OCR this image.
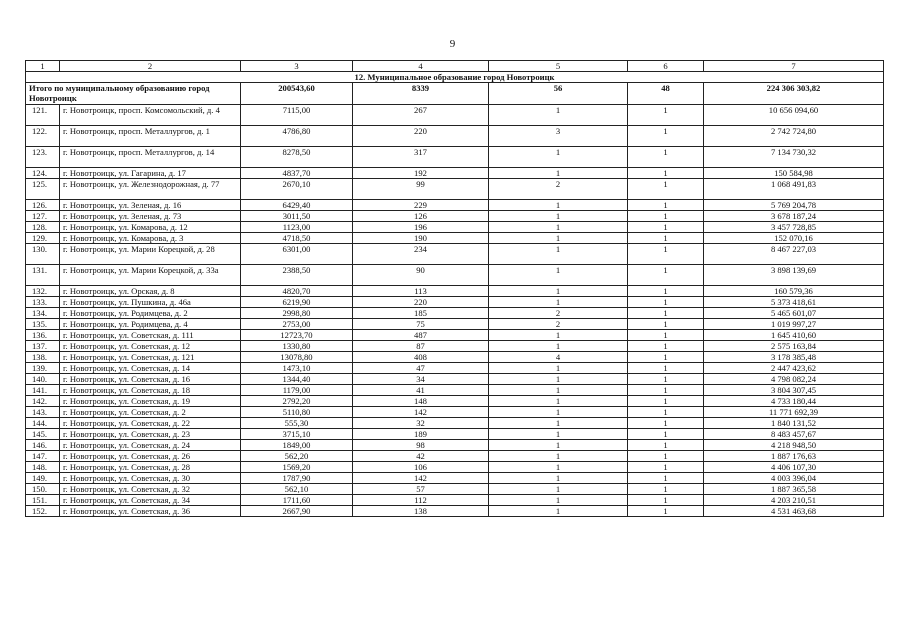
9
1	2	3	4	5	6	7
12. Муниципальное образование город Новотроицк						
Итого по муниципальному образованию город Новотроицк		200543,60	8339	56	48	224 306 303,82
121.	г. Новотроицк, просп. Комсомольский, д. 4	7115,00	267	1	1	10 656 094,60
122.	г. Новотроицк, просп. Металлургов, д. 1	4786,80	220	3	1	2 742 724,80
123.	г. Новотроицк, просп. Металлургов, д. 14	8278,50	317	1	1	7 134 730,32
124.	г. Новотроицк, ул. Гагарина, д. 17	4837,70	192	1	1	150 584,98
125.	г. Новотроицк, ул. Железнодорожная, д. 77	2670,10	99	2	1	1 068 491,83
126.	г. Новотроицк, ул. Зеленая, д. 16	6429,40	229	1	1	5 769 204,78
127.	г. Новотроицк, ул. Зеленая, д. 73	3011,50	126	1	1	3 678 187,24
128.	г. Новотроицк, ул. Комарова, д. 12	1123,00	196	1	1	3 457 728,85
129.	г. Новотроицк, ул. Комарова, д. 3	4718,50	190	1	1	152 070,16
130.	г. Новотроицк, ул. Марии Корецкой, д. 28	6301,00	234	1	1	8 467 227,03
131.	г. Новотроицк, ул. Марии Корецкой, д. 33а	2388,50	90	1	1	3 898 139,69
132.	г. Новотроицк, ул. Орская, д. 8	4820,70	113	1	1	160 579,36
133.	г. Новотроицк, ул. Пушкина, д. 46а	6219,90	220	1	1	5 373 418,61
134.	г. Новотроицк, ул. Родимцева, д. 2	2998,80	185	2	1	5 465 601,07
135.	г. Новотроицк, ул. Родимцева, д. 4	2753,00	75	2	1	1 019 997,27
136.	г. Новотроицк, ул. Советская, д. 111	12723,70	487	1	1	1 645 410,60
137.	г. Новотроицк, ул. Советская, д. 12	1330,80	87	1	1	2 575 163,84
138.	г. Новотроицк, ул. Советская, д. 121	13078,80	408	4	1	3 178 385,48
139.	г. Новотроицк, ул. Советская, д. 14	1473,10	47	1	1	2 447 423,62
140.	г. Новотроицк, ул. Советская, д. 16	1344,40	34	1	1	4 798 082,24
141.	г. Новотроицк, ул. Советская, д. 18	1179,00	41	1	1	3 804 307,45
142.	г. Новотроицк, ул. Советская, д. 19	2792,20	148	1	1	4 733 180,44
143.	г. Новотроицк, ул. Советская, д. 2	5110,80	142	1	1	11 771 692,39
144.	г. Новотроицк, ул. Советская, д. 22	555,30	32	1	1	1 840 131,52
145.	г. Новотроицк, ул. Советская, д. 23	3715,10	189	1	1	8 483 457,67
146.	г. Новотроицк, ул. Советская, д. 24	1849,00	98	1	1	4 218 948,50
147.	г. Новотроицк, ул. Советская, д. 26	562,20	42	1	1	1 887 176,63
148.	г. Новотроицк, ул. Советская, д. 28	1569,20	106	1	1	4 406 107,30
149.	г. Новотроицк, ул. Советская, д. 30	1787,90	142	1	1	4 003 396,04
150.	г. Новотроицк, ул. Советская, д. 32	562,10	57	1	1	1 887 365,58
151.	г. Новотроицк, ул. Советская, д. 34	1711,60	112	1	1	4 203 210,51
152.	г. Новотроицк, ул. Советская, д. 36	2667,90	138	1	1	4 531 463,68
